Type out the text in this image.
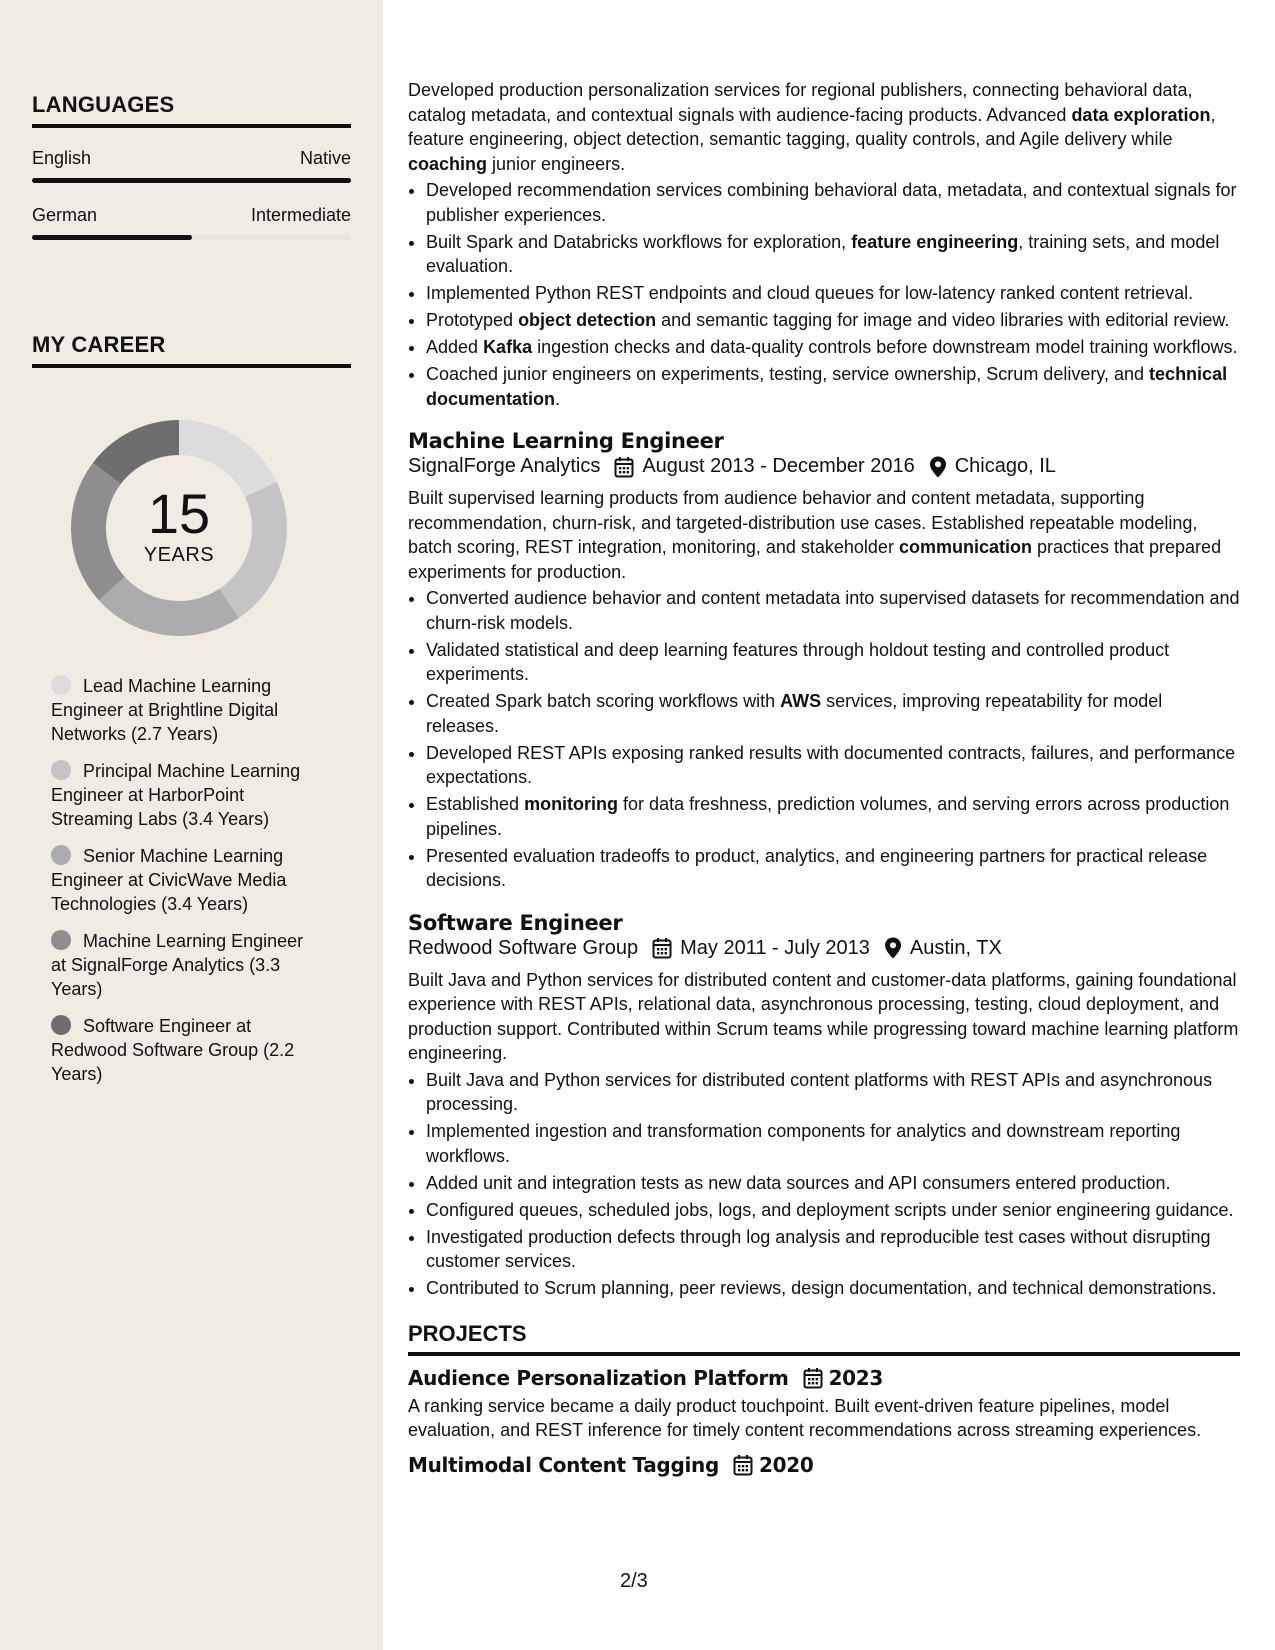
LANGUAGES
English	Native
German	Intermediate
MY CAREER
15
YEARS
Lead Machine Learning Engineer at Brightline Digital Networks (2.7 Years)
Principal Machine Learning Engineer at HarborPoint Streaming Labs (3.4 Years)
Senior Machine Learning Engineer at CivicWave Media Technologies (3.4 Years)
Machine Learning Engineer at SignalForge Analytics (3.3 Years)
Software Engineer at Redwood Software Group (2.2 Years)

Developed production personalization services for regional publishers, connecting behavioral data, catalog metadata, and contextual signals with audience-facing products. Advanced data exploration, feature engineering, object detection, semantic tagging, quality controls, and Agile delivery while coaching junior engineers.

• Developed recommendation services combining behavioral data, metadata, and contextual signals for publisher experiences.
• Built Spark and Databricks workflows for exploration, feature engineering, training sets, and model evaluation.
• Implemented Python REST endpoints and cloud queues for low-latency ranked content retrieval.
• Prototyped object detection and semantic tagging for image and video libraries with editorial review.
• Added Kafka ingestion checks and data-quality controls before downstream model training workflows.
• Coached junior engineers on experiments, testing, service ownership, Scrum delivery, and technical documentation.
Machine Learning Engineer
SignalForge Analytics August 2013 - December 2016 Chicago, IL

Built supervised learning products from audience behavior and content metadata, supporting recommendation, churn-risk, and targeted-distribution use cases. Established repeatable modeling, batch scoring, REST integration, monitoring, and stakeholder communication practices that prepared experiments for production.

• Converted audience behavior and content metadata into supervised datasets for recommendation and churn-risk models.
• Validated statistical and deep learning features through holdout testing and controlled product experiments.
• Created Spark batch scoring workflows with AWS services, improving repeatability for model releases.
• Developed REST APIs exposing ranked results with documented contracts, failures, and performance expectations.
• Established monitoring for data freshness, prediction volumes, and serving errors across production pipelines.
• Presented evaluation tradeoffs to product, analytics, and engineering partners for practical release decisions.
Software Engineer
Redwood Software Group May 2011 - July 2013 Austin, TX

Built Java and Python services for distributed content and customer-data platforms, gaining foundational experience with REST APIs, relational data, asynchronous processing, testing, cloud deployment, and production support. Contributed within Scrum teams while progressing toward machine learning platform engineering.

• Built Java and Python services for distributed content platforms with REST APIs and asynchronous processing.
• Implemented ingestion and transformation components for analytics and downstream reporting workflows.
• Added unit and integration tests as new data sources and API consumers entered production.
• Configured queues, scheduled jobs, logs, and deployment scripts under senior engineering guidance.
• Investigated production defects through log analysis and reproducible test cases without disrupting customer services.
• Contributed to Scrum planning, peer reviews, design documentation, and technical demonstrations.
PROJECTS
Audience Personalization Platform 2023

A ranking service became a daily product touchpoint. Built event-driven feature pipelines, model evaluation, and REST inference for timely content recommendations across streaming experiences.

Multimodal Content Tagging 2020
2/3
